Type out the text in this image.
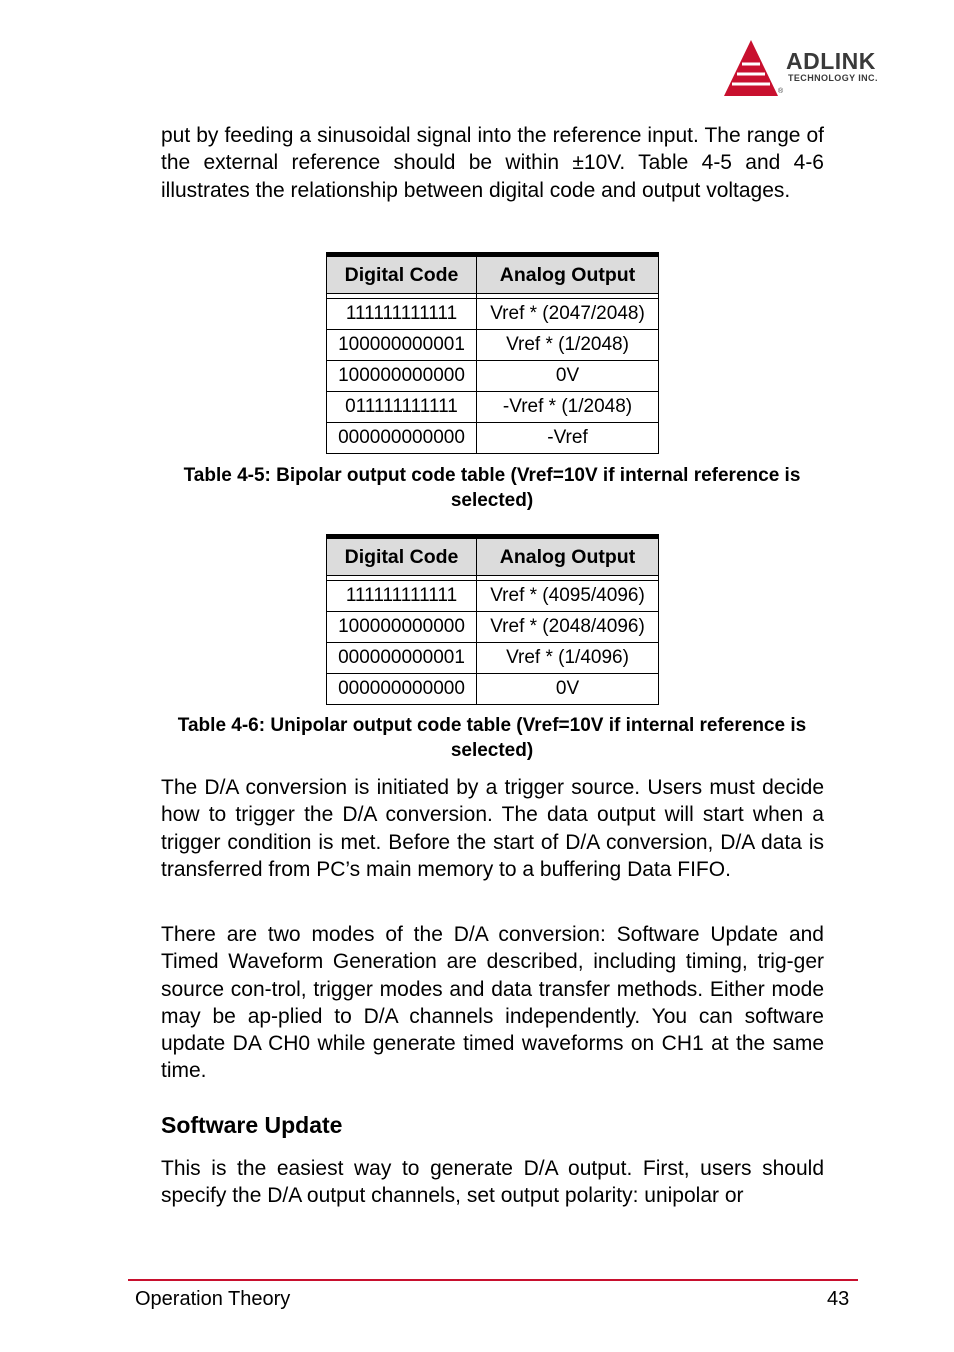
ADLINK
TECHNOLOGY INC.
®

put by feeding a sinusoidal signal into the reference input. The range of the external reference should be within ±10V. Table 4-5 and 4-6 illustrates the relationship between digital code and output voltages.

Digital Code	Analog Output

111111111111	Vref * (2047/2048)
100000000001	Vref * (1/2048)
100000000000	0V
011111111111	-Vref * (1/2048)
000000000000	-Vref

Table 4-5: Bipolar output code table (Vref=10V if internal reference is
selected)

Digital Code	Analog Output

111111111111	Vref * (4095/4096)
100000000000	Vref * (2048/4096)
000000000001	Vref * (1/4096)
000000000000	0V

Table 4-6: Unipolar output code table (Vref=10V if internal reference is
selected)

The D/A conversion is initiated by a trigger source. Users must decide how to trigger the D/A conversion. The data output will start when a trigger condition is met. Before the start of D/A conversion, D/A data is transferred from PC’s main memory to a buffering Data FIFO.

There are two modes of the D/A conversion: Software Update and Timed Waveform Generation are described, including timing, trig-ger source con-trol, trigger modes and data transfer methods. Either mode may be ap-plied to D/A channels independently. You can software update DA CH0 while generate timed waveforms on CH1 at the same time.

Software Update

This is the easiest way to generate D/A output. First, users should specify the D/A output channels, set output polarity: unipolar or

Operation Theory	43
